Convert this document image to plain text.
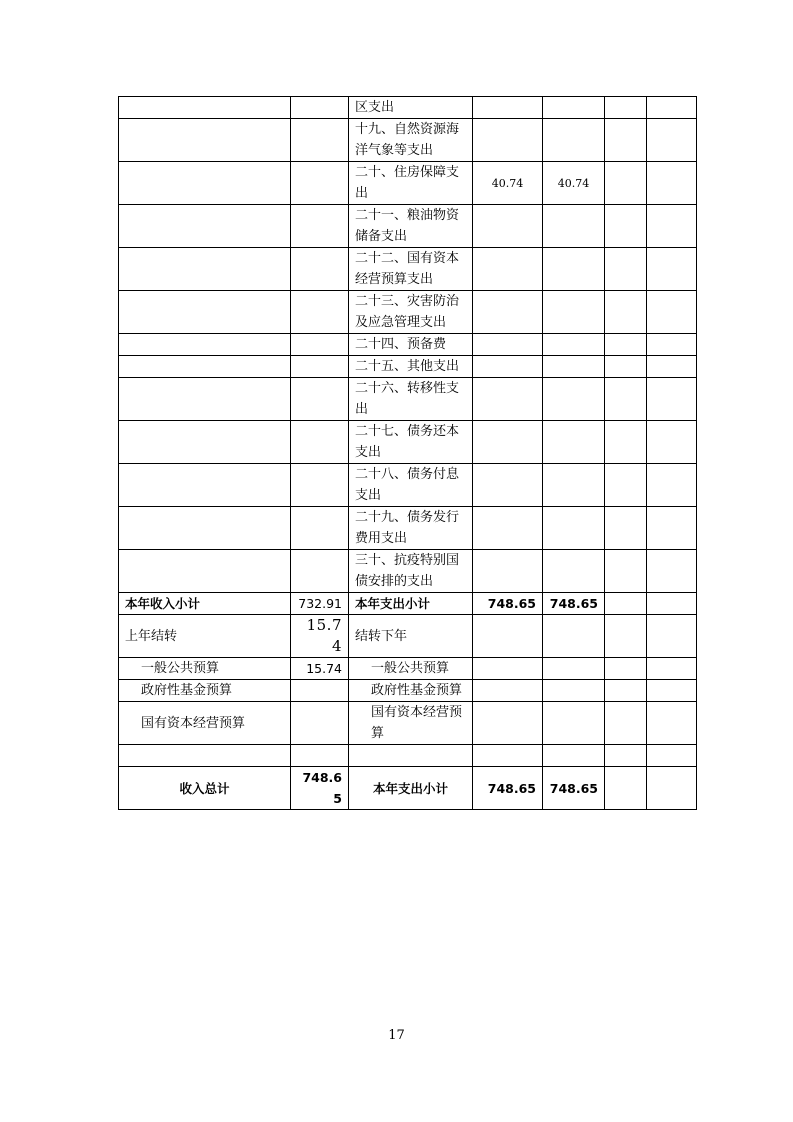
		区支出				
		十九、自然资源海洋气象等支出				
		二十、住房保障支出	40.74	40.74		
		二十一、粮油物资储备支出				
		二十二、国有资本经营预算支出				
		二十三、灾害防治及应急管理支出				
		二十四、预备费				
		二十五、其他支出				
		二十六、转移性支出				
		二十七、债务还本支出				
		二十八、债务付息支出				
		二十九、债务发行费用支出				
		三十、抗疫特别国债安排的支出				
本年收入小计	732.91	本年支出小计	748.65	748.65		
上年结转	15.74	结转下年				
一般公共预算	15.74	一般公共预算				
政府性基金预算		政府性基金预算				
国有资本经营预算		国有资本经营预算				

收入总计	748.65	本年支出小计	748.65	748.65		
17
